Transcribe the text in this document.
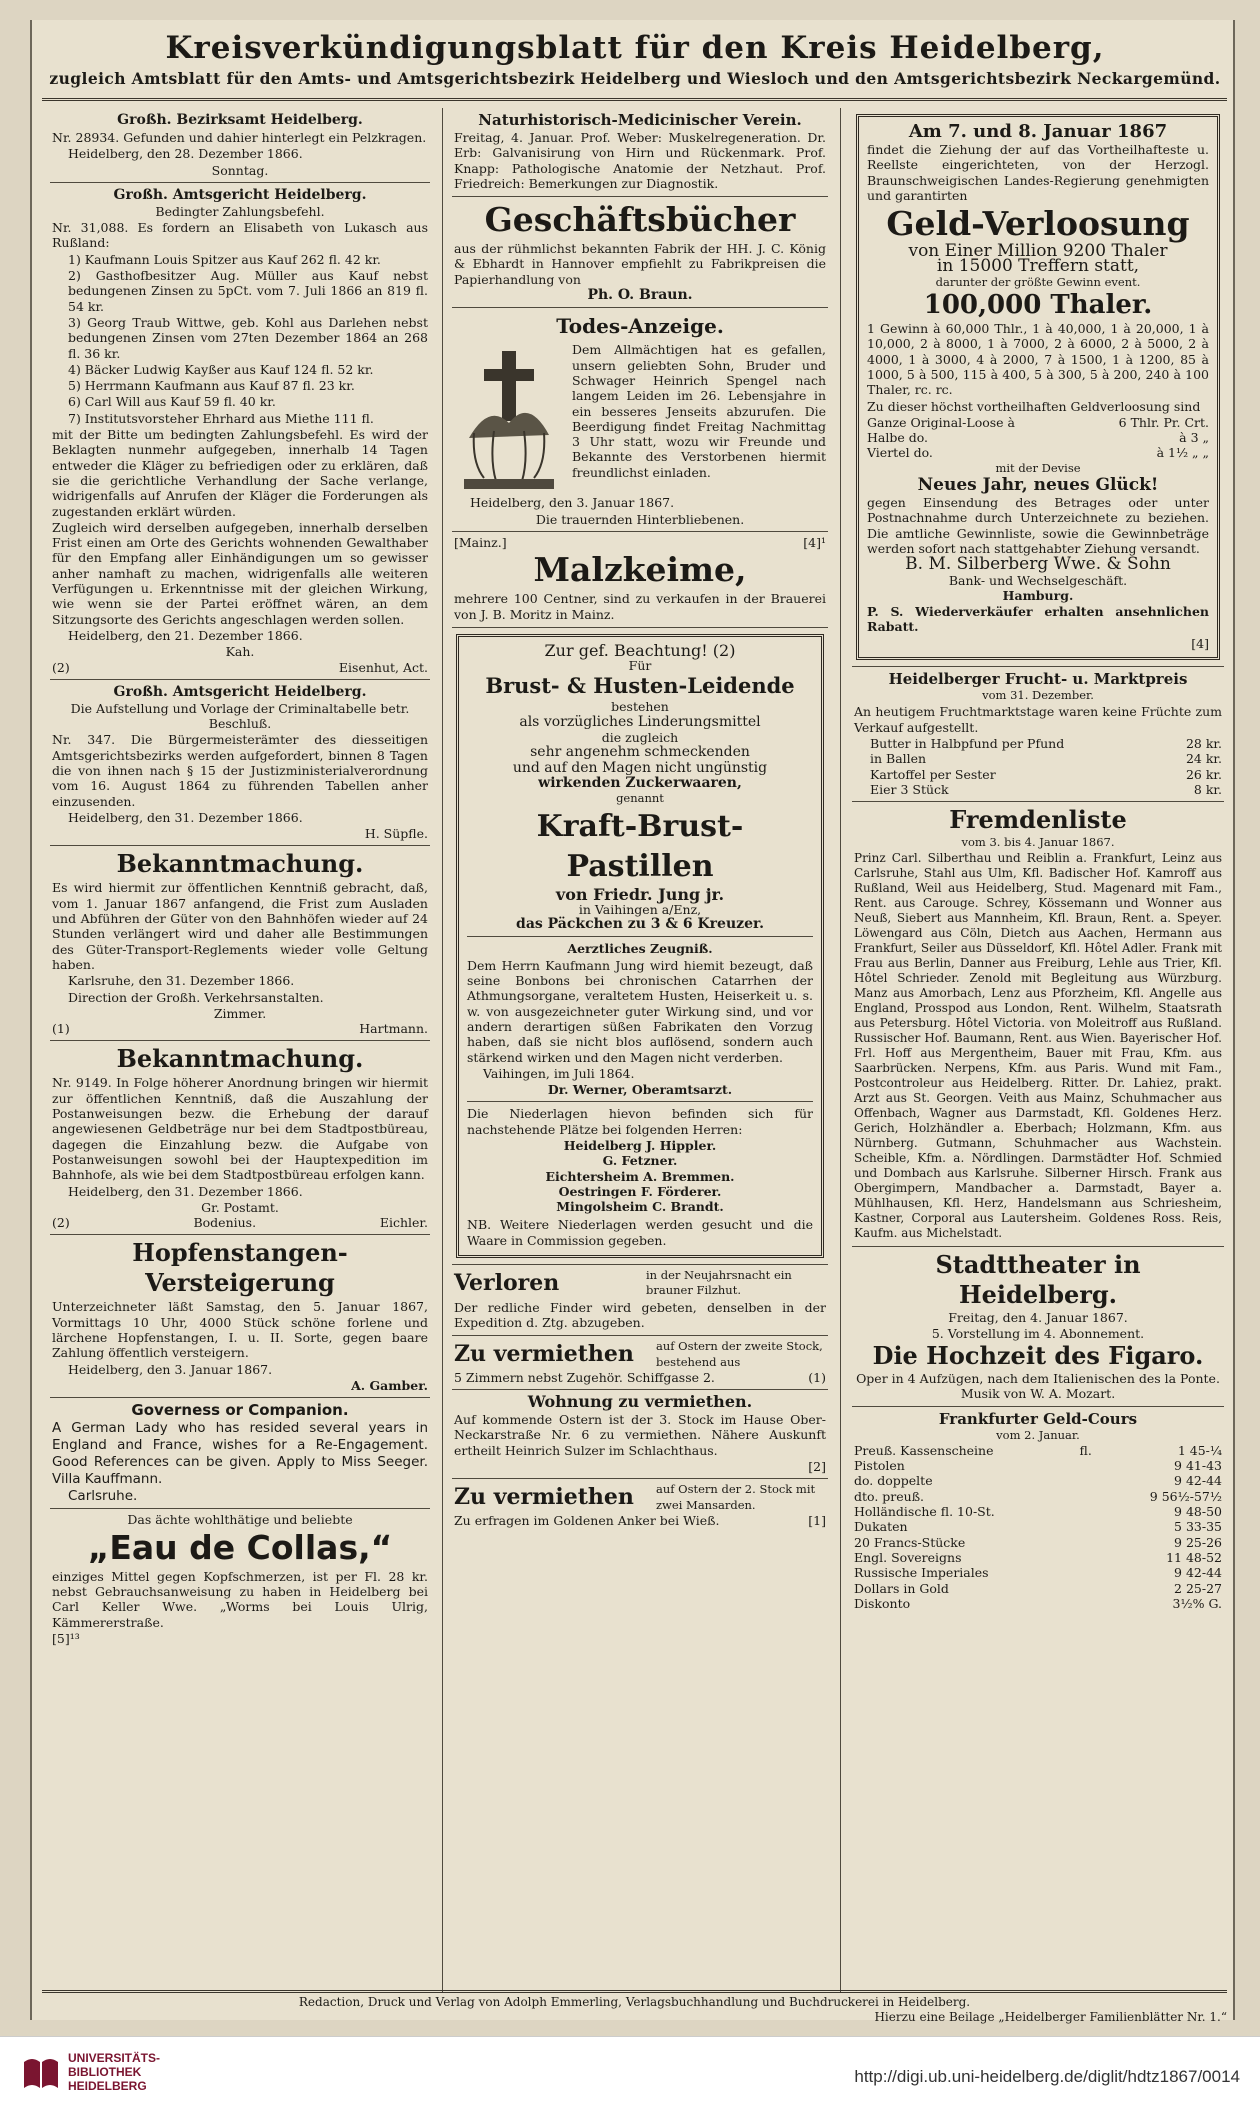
Kreisverkündigungsblatt für den Kreis Heidelberg,
zugleich Amtsblatt für den Amts- und Amtsgerichtsbezirk Heidelberg und Wiesloch und den Amtsgerichtsbezirk Neckargemünd.
Großh. Bezirksamt Heidelberg.
Nr. 28934. Gefunden und dahier hinterlegt ein Pelzkragen.
Heidelberg, den 28. Dezember 1866.
Sonntag.
Großh. Amtsgericht Heidelberg.
Bedingter Zahlungsbefehl.
Nr. 31,088. Es fordern an Elisabeth von Lukasch aus Rußland:
1) Kaufmann Louis Spitzer aus Kauf 262 fl. 42 kr.
2) Gasthofbesitzer Aug. Müller aus Kauf nebst bedungenen Zinsen zu 5pCt. vom 7. Juli 1866 an 819 fl. 54 kr.
3) Georg Traub Wittwe, geb. Kohl aus Darlehen nebst bedungenen Zinsen vom 27ten Dezember 1864 an 268 fl. 36 kr.
4) Bäcker Ludwig Kayßer aus Kauf 124 fl. 52 kr.
5) Herrmann Kaufmann aus Kauf 87 fl. 23 kr.
6) Carl Will aus Kauf 59 fl. 40 kr.
7) Institutsvorsteher Ehrhard aus Miethe 111 fl.
mit der Bitte um bedingten Zahlungsbefehl. Es wird der Beklagten nunmehr aufgegeben, innerhalb 14 Tagen entweder die Kläger zu befriedigen oder zu erklären, daß sie die gerichtliche Verhandlung der Sache verlange, widrigenfalls auf Anrufen der Kläger die Forderungen als zugestanden erklärt würden.
Zugleich wird derselben aufgegeben, innerhalb derselben Frist einen am Orte des Gerichts wohnenden Gewalthaber für den Empfang aller Einhändigungen um so gewisser anher namhaft zu machen, widrigenfalls alle weiteren Verfügungen u. Erkenntnisse mit der gleichen Wirkung, wie wenn sie der Partei eröffnet wären, an dem Sitzungsorte des Gerichts angeschlagen werden sollen.
Heidelberg, den 21. Dezember 1866.
Kah.
(2)	Eisenhut, Act.
Großh. Amtsgericht Heidelberg.
Die Aufstellung und Vorlage der Criminaltabelle betr.
Beschluß.
Nr. 347. Die Bürgermeisterämter des diesseitigen Amtsgerichtsbezirks werden aufgefordert, binnen 8 Tagen die von ihnen nach § 15 der Justizministerialverordnung vom 16. August 1864 zu führenden Tabellen anher einzusenden.
Heidelberg, den 31. Dezember 1866.
H. Süpfle.
Bekanntmachung.
Es wird hiermit zur öffentlichen Kenntniß gebracht, daß, vom 1. Januar 1867 anfangend, die Frist zum Ausladen und Abführen der Güter von den Bahnhöfen wieder auf 24 Stunden verlängert wird und daher alle Bestimmungen des Güter-Transport-Reglements wieder volle Geltung haben.
Karlsruhe, den 31. Dezember 1866.
Direction der Großh. Verkehrsanstalten.
Zimmer.
(1)	Hartmann.
Bekanntmachung.
Nr. 9149. In Folge höherer Anordnung bringen wir hiermit zur öffentlichen Kenntniß, daß die Auszahlung der Postanweisungen bezw. die Erhebung der darauf angewiesenen Geldbeträge nur bei dem Stadtpostbüreau, dagegen die Einzahlung bezw. die Aufgabe von Postanweisungen sowohl bei der Hauptexpedition im Bahnhofe, als wie bei dem Stadtpostbüreau erfolgen kann.
Heidelberg, den 31. Dezember 1866.
Gr. Postamt.
(2)	Bodenius.	Eichler.
Hopfenstangen-Versteigerung
Unterzeichneter läßt Samstag, den 5. Januar 1867, Vormittags 10 Uhr, 4000 Stück schöne forlene und lärchene Hopfenstangen, I. u. II. Sorte, gegen baare Zahlung öffentlich versteigern.
Heidelberg, den 3. Januar 1867.
A. Gamber.
Governess or Companion.
A German Lady who has resided several years in England and France, wishes for a Re-Engagement. Good References can be given. Apply to Miss Seeger. Villa Kauffmann.
Carlsruhe.
Das ächte wohlthätige und beliebte
„Eau de Collas,“
einziges Mittel gegen Kopfschmerzen, ist per Fl. 28 kr. nebst Gebrauchsanweisung zu haben in Heidelberg bei Carl Keller Wwe. „Worms bei Louis Ulrig, Kämmererstraße.
[5]¹³
Naturhistorisch-Medicinischer Verein.
Freitag, 4. Januar. Prof. Weber: Muskelregeneration. Dr. Erb: Galvanisirung von Hirn und Rückenmark. Prof. Knapp: Pathologische Anatomie der Netzhaut. Prof. Friedreich: Bemerkungen zur Diagnostik.
Geschäftsbücher
aus der rühmlichst bekannten Fabrik der HH. J. C. König & Ebhardt in Hannover empfiehlt zu Fabrikpreisen die Papierhandlung von
Ph. O. Braun.
Todes-Anzeige.
Dem Allmächtigen hat es gefallen, unsern geliebten Sohn, Bruder und Schwager Heinrich Spengel nach langem Leiden im 26. Lebensjahre in ein besseres Jenseits abzurufen. Die Beerdigung findet Freitag Nachmittag 3 Uhr statt, wozu wir Freunde und Bekannte des Verstorbenen hiermit freundlichst einladen.
Heidelberg, den 3. Januar 1867.
Die trauernden Hinterbliebenen.
[Mainz.]	[4]¹
Malzkeime,
mehrere 100 Centner, sind zu verkaufen in der Brauerei von J. B. Moritz in Mainz.
Zur gef. Beachtung! (2)
Für
Brust- & Husten-Leidende
bestehen
als vorzügliches Linderungsmittel
die zugleich
sehr angenehm schmeckenden
und auf den Magen nicht ungünstig
wirkenden Zuckerwaaren,
genannt
Kraft-Brust-Pastillen
von Friedr. Jung jr.
in Vaihingen a/Enz,
das Päckchen zu 3 & 6 Kreuzer.
Aerztliches Zeugniß.
Dem Herrn Kaufmann Jung wird hiemit bezeugt, daß seine Bonbons bei chronischen Catarrhen der Athmungsorgane, veraltetem Husten, Heiserkeit u. s. w. von ausgezeichneter guter Wirkung sind, und vor andern derartigen süßen Fabrikaten den Vorzug haben, daß sie nicht blos auflösend, sondern auch stärkend wirken und den Magen nicht verderben.
Vaihingen, im Juli 1864.
Dr. Werner, Oberamtsarzt.
Die Niederlagen hievon befinden sich für nachstehende Plätze bei folgenden Herren:
Heidelberg J. Hippler.
G. Fetzner.
Eichtersheim A. Bremmen.
Oestringen F. Förderer.
Mingolsheim C. Brandt.
NB. Weitere Niederlagen werden gesucht und die Waare in Commission gegeben.
Verloren	in der Neujahrsnacht ein brauner Filzhut.
Der redliche Finder wird gebeten, denselben in der Expedition d. Ztg. abzugeben.
Zu vermiethen auf Ostern der zweite Stock, bestehend aus
5 Zimmern nebst Zugehör. Schiffgasse 2.	(1)
Wohnung zu vermiethen.
Auf kommende Ostern ist der 3. Stock im Hause Ober-Neckarstraße Nr. 6 zu vermiethen. Nähere Auskunft ertheilt Heinrich Sulzer im Schlachthaus.
[2]
Zu vermiethen auf Ostern der 2. Stock mit zwei Mansarden.
Zu erfragen im Goldenen Anker bei Wieß.	[1]
Am 7. und 8. Januar 1867
findet die Ziehung der auf das Vortheilhafteste u. Reellste eingerichteten, von der Herzogl. Braunschweigischen Landes-Regierung genehmigten und garantirten
Geld-Verloosung
von Einer Million 9200 Thaler
in 15000 Treffern statt,
darunter der größte Gewinn event.
100,000 Thaler.
1 Gewinn à 60,000 Thlr., 1 à 40,000, 1 à 20,000, 1 à 10,000, 2 à 8000, 1 à 7000, 2 à 6000, 2 à 5000, 2 à 4000, 1 à 3000, 4 à 2000, 7 à 1500, 1 à 1200, 85 à 1000, 5 à 500, 115 à 400, 5 à 300, 5 à 200, 240 à 100 Thaler, rc. rc.
Zu dieser höchst vortheilhaften Geldverloosung sind
Ganze Original-Loose à	6 Thlr. Pr. Crt.
Halbe do.	à 3 „
Viertel do.	à 1½ „ „
mit der Devise
Neues Jahr, neues Glück!
gegen Einsendung des Betrages oder unter Postnachnahme durch Unterzeichnete zu beziehen. Die amtliche Gewinnliste, sowie die Gewinnbeträge werden sofort nach stattgehabter Ziehung versandt.
B. M. Silberberg Wwe. & Sohn
Bank- und Wechselgeschäft.
Hamburg.
P. S. Wiederverkäufer erhalten ansehnlichen Rabatt.
[4]
Heidelberger Frucht- u. Marktpreis
vom 31. Dezember.
An heutigem Fruchtmarktstage waren keine Früchte zum Verkauf aufgestellt.
Butter in Halbpfund per Pfund	28 kr.
in Ballen	24 kr.
Kartoffel per Sester	26 kr.
Eier 3 Stück	8 kr.
Fremdenliste
vom 3. bis 4. Januar 1867.
Prinz Carl. Silberthau und Reiblin a. Frankfurt, Leinz aus Carlsruhe, Stahl aus Ulm, Kfl. Badischer Hof. Kamroff aus Rußland, Weil aus Heidelberg, Stud. Magenard mit Fam., Rent. aus Carouge. Schrey, Kössemann und Wonner aus Neuß, Siebert aus Mannheim, Kfl. Braun, Rent. a. Speyer. Löwengard aus Cöln, Dietch aus Aachen, Hermann aus Frankfurt, Seiler aus Düsseldorf, Kfl. Hôtel Adler. Frank mit Frau aus Berlin, Danner aus Freiburg, Lehle aus Trier, Kfl. Hôtel Schrieder. Zenold mit Begleitung aus Würzburg. Manz aus Amorbach, Lenz aus Pforzheim, Kfl. Angelle aus England, Prosspod aus London, Rent. Wilhelm, Staatsrath aus Petersburg. Hôtel Victoria. von Moleitroff aus Rußland. Russischer Hof. Baumann, Rent. aus Wien. Bayerischer Hof. Frl. Hoff aus Mergentheim, Bauer mit Frau, Kfm. aus Saarbrücken. Nerpens, Kfm. aus Paris. Wund mit Fam., Postcontroleur aus Heidelberg. Ritter. Dr. Lahiez, prakt. Arzt aus St. Georgen. Veith aus Mainz, Schuhmacher aus Offenbach, Wagner aus Darmstadt, Kfl. Goldenes Herz. Gerich, Holzhändler a. Eberbach; Holzmann, Kfm. aus Nürnberg. Gutmann, Schuhmacher aus Wachstein. Scheible, Kfm. a. Nördlingen. Darmstädter Hof. Schmied und Dombach aus Karlsruhe. Silberner Hirsch. Frank aus Obergimpern, Mandbacher a. Darmstadt, Bayer a. Mühlhausen, Kfl. Herz, Handelsmann aus Schriesheim, Kastner, Corporal aus Lautersheim. Goldenes Ross. Reis, Kaufm. aus Michelstadt.
Stadttheater in Heidelberg.
Freitag, den 4. Januar 1867.
5. Vorstellung im 4. Abonnement.
Die Hochzeit des Figaro.
Oper in 4 Aufzügen, nach dem Italienischen des la Ponte. Musik von W. A. Mozart.
Frankfurter Geld-Cours
vom 2. Januar.
Preuß. Kassenscheine	fl.	1 45-¼
Pistolen	9 41-43
do. doppelte	9 42-44
dto. preuß.	9 56½-57½
Holländische fl. 10-St.	9 48-50
Dukaten	5 33-35
20 Francs-Stücke	9 25-26
Engl. Sovereigns	11 48-52
Russische Imperiales	9 42-44
Dollars in Gold	2 25-27
Diskonto	3½% G.
Redaction, Druck und Verlag von Adolph Emmerling, Verlagsbuchhandlung und Buchdruckerei in Heidelberg.
Hierzu eine Beilage „Heidelberger Familienblätter Nr. 1.“
UNIVERSITÄTS-
BIBLIOTHEK
HEIDELBERG	http://digi.ub.uni-heidelberg.de/diglit/hdtz1867/0014
